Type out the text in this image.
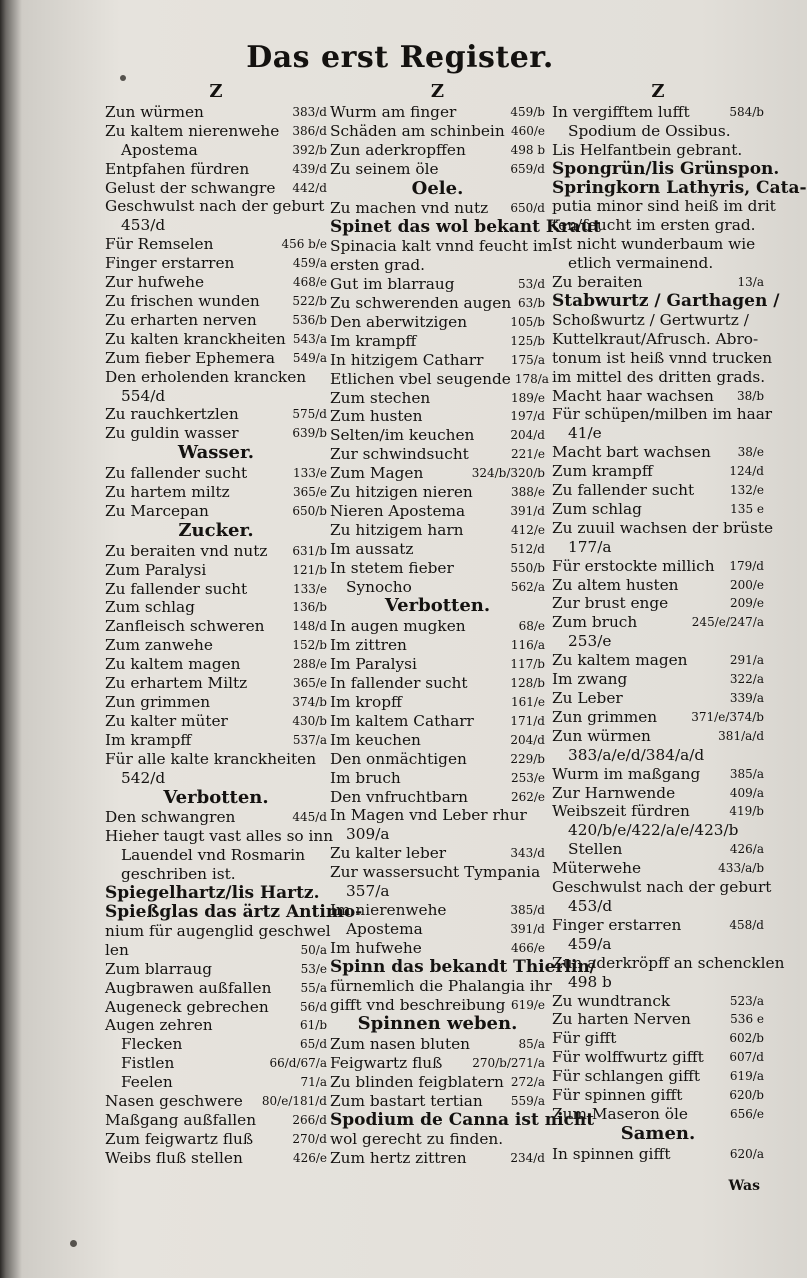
Das erst Register.
Z
Zun würmen	383/d
Zu kaltem nierenwehe	386/d
Apostema	392/b
Entpfahen fürdren	439/d
Gelust der schwangre	442/d
Geschwulst nach der geburt
453/d
Für Remselen	456 b/e
Finger erstarren	459/a
Zur hufwehe	468/e
Zu frischen wunden	522/b
Zu erharten nerven	536/b
Zu kalten kranckheiten 543/a
Zum fieber Ephemera	549/a
Den erholenden krancken
554/d
Zu rauchkertzlen	575/d
Zu guldin wasser	639/b
Wasser.
Zu fallender sucht	133/e
Zu hartem miltz	365/e
Zu Marcepan	650/b
Zucker.
Zu beraiten vnd nutz	631/b
Zum Paralysi	121/b
Zu fallender sucht	133/e
Zum schlag	136/b
Zanfleisch schweren	148/d
Zum zanwehe	152/b
Zu kaltem magen	288/e
Zu erhartem Miltz	365/e
Zun grimmen	374/b
Zu kalter müter	430/b
Im krampff	537/a
Für alle kalte kranckheiten
542/d
Verbotten.
Den schwangren	445/d
Hieher taugt vast alles so inn
Lauendel vnd Rosmarin
geschriben ist.
Spiegelhartz/lis Hartz.
Spießglas das ärtz Antimo-
nium für augenglid geschwel
len	50/a
Zum blarraug	53/e
Augbrawen außfallen	55/a
Augeneck gebrechen	56/d
Augen zehren	61/b
Flecken	65/d
Fistlen	66/d/67/a
Feelen	71/a
Nasen geschwere	80/e/181/d
Maßgang außfallen	266/d
Zum feigwartz fluß	270/d
Weibs fluß stellen	426/e
Z
Wurm am finger	459/b
Schäden am schinbein 460/e
Zun aderkropffen	498 b
Zu seinem öle	659/d
Oele.
Zu machen vnd nutz	650/d
Spinet das wol bekant Kraut
Spinacia kalt vnnd feucht im
ersten grad.
Gut im blarraug	53/d
Zu schwerenden augen 63/b
Den aberwitzigen	105/b
Im krampff	125/b
In hitzigem Catharr	175/a
Etlichen vbel seugende 178/a
Zum stechen	189/e
Zum husten	197/d
Selten/im keuchen	204/d
Zur schwindsucht	221/e
Zum Magen	324/b/320/b
Zu hitzigen nieren	388/e
Nieren Apostema	391/d
Zu hitzigem harn	412/e
Im aussatz	512/d
In stetem fieber	550/b
Synocho	562/a
Verbotten.
In augen mugken	68/e
Im zittren	116/a
Im Paralysi	117/b
In fallender sucht	128/b
Im kropff	161/e
Im kaltem Catharr	171/d
Im keuchen	204/d
Den onmächtigen	229/b
Im bruch	253/e
Den vnfruchtbarn	262/e
In Magen vnd Leber rhur
309/a
Zu kalter leber	343/d
Zur wassersucht Tympania
357/a
Im nierenwehe	385/d
Apostema	391/d
Im hufwehe	466/e
Spinn das bekandt Thierlin/
fürnemlich die Phalangia ihr
gifft vnd beschreibung 619/e
Spinnen weben.
Zum nasen bluten	85/a
Feigwartz fluß	270/b/271/a
Zu blinden feigblatern 272/a
Zum bastart tertian	559/a
Spodium de Canna ist nicht
wol gerecht zu finden.
Zum hertz zittren	234/d
Z
In vergifftem lufft	584/b
Spodium de Ossibus.
Lis Helfantbein gebrant.
Spongrün/lis Grünspon.
Springkorn Lathyris, Cata-
putia minor sind heiß im drit
ten/feucht im ersten grad.
Ist nicht wunderbaum wie
etlich vermainend.
Zu beraiten	13/a
Stabwurtz / Garthagen /
Schoßwurtz / Gertwurtz /
Kuttelkraut/Afrusch. Abro-
tonum ist heiß vnnd trucken
im mittel des dritten grads.
Macht haar wachsen	38/b
Für schüpen/milben im haar
41/e
Macht bart wachsen	38/e
Zum krampff	124/d
Zu fallender sucht	132/e
Zum schlag	135 e
Zu zuuil wachsen der brüste
177/a
Für erstockte millich	179/d
Zu altem husten	200/e
Zur brust enge	209/e
Zum bruch	245/e/247/a
253/e
Zu kaltem magen	291/a
Im zwang	322/a
Zu Leber	339/a
Zun grimmen	371/e/374/b
Zun würmen	381/a/d
383/a/e/d/384/a/d
Wurm im maßgang	385/a
Zur Harnwende	409/a
Weibszeit fürdren	419/b
420/b/e/422/a/e/423/b
Stellen	426/a
Müterwehe	433/a/b
Geschwulst nach der geburt
453/d
Finger erstarren	458/d
459/a
Zun aderkröpff an schencklen
498 b
Zu wundtranck	523/a
Zu harten Nerven	536 e
Für gifft	602/b
Für wolffwurtz gifft	607/d
Für schlangen gifft	619/a
Für spinnen gifft	620/b
Zum Maseron öle	656/e
Samen.
In spinnen gifft	620/a
Was
